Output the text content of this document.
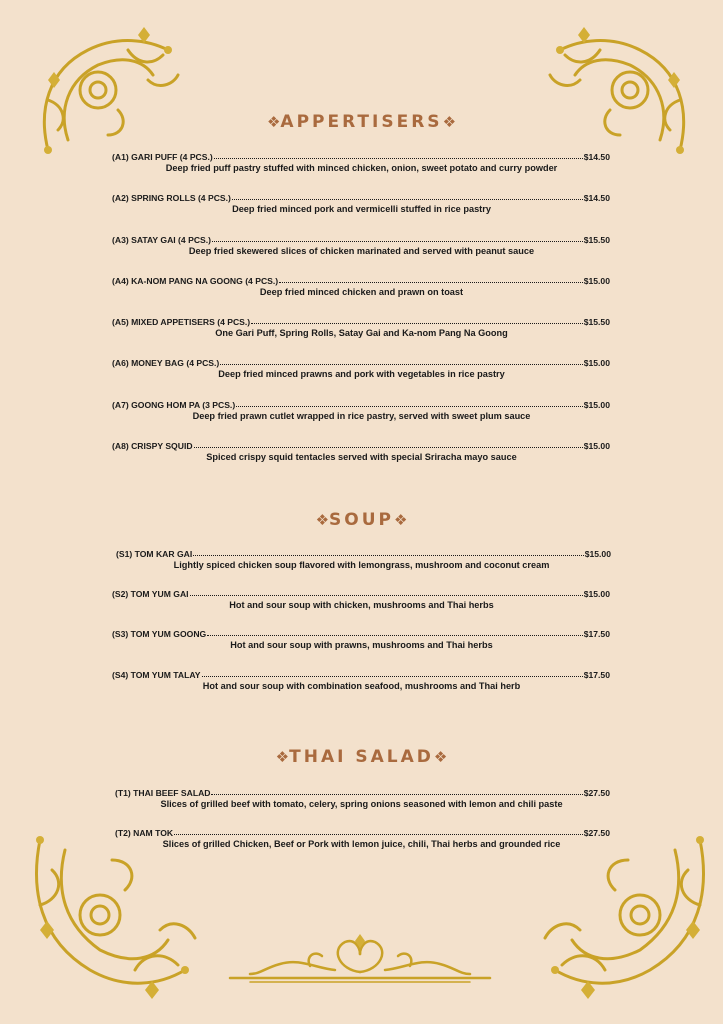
❖APPERTISERS❖
(A1) GARI PUFF (4 PCS.)	$14.50
Deep fried puff pastry stuffed with minced chicken, onion, sweet potato and curry powder
(A2) SPRING ROLLS (4 PCS.)	$14.50
Deep fried minced pork and vermicelli stuffed in rice pastry
(A3) SATAY GAI (4 PCS.)	$15.50
Deep fried skewered slices of chicken marinated and served with peanut sauce
(A4) KA-NOM PANG NA GOONG (4 PCS.)	$15.00
Deep fried minced chicken and prawn on toast
(A5) MIXED APPETISERS (4 PCS.)	$15.50
One Gari Puff, Spring Rolls, Satay Gai and Ka-nom Pang Na Goong
(A6) MONEY BAG (4 PCS.)	$15.00
Deep fried minced prawns and pork with vegetables in rice pastry
(A7) GOONG HOM PA (3 PCS.)	$15.00
Deep fried prawn cutlet wrapped in rice pastry, served with sweet plum sauce
(A8) CRISPY SQUID	$15.00
Spiced crispy squid tentacles served with special Sriracha mayo sauce
❖SOUP❖
(S1) TOM KAR GAI	$15.00
Lightly spiced chicken soup flavored with lemongrass, mushroom and coconut cream
(S2) TOM YUM GAI	$15.00
Hot and sour soup with chicken, mushrooms and Thai herbs
(S3) TOM YUM GOONG	$17.50
Hot and sour soup with prawns, mushrooms and Thai herbs
(S4) TOM YUM TALAY	$17.50
Hot and sour soup with combination seafood, mushrooms and Thai herb
❖THAI SALAD❖
(T1) THAI BEEF SALAD	$27.50
Slices of grilled beef with tomato, celery, spring onions seasoned with lemon and chili paste
(T2) NAM TOK	$27.50
Slices of grilled Chicken, Beef or Pork with lemon juice, chili, Thai herbs and grounded rice
